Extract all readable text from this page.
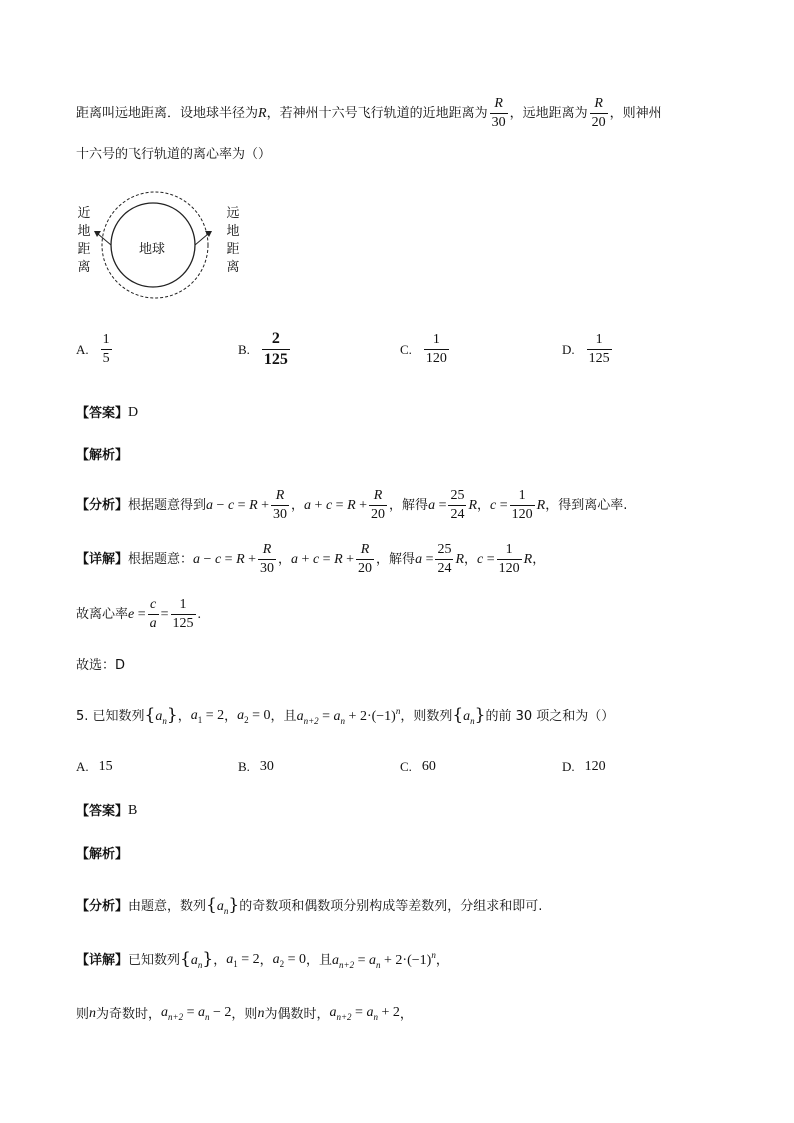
距离叫远地距离．设地球半径为 R ，若神州十六号飞行轨道的近地距离为 $\frac{R}{30}$ ，远地距离为 $\frac{R}{20}$ ，则神州
十六号的飞行轨道的离心率为（）
地球
近地距离
远地距离
A. $\frac{1}{5}$	B. $\frac{2}{125}$	C. $\frac{1}{120}$	D. $\frac{1}{125}$
【答案】 D
【解析】
【分析】 根据题意得到 $a - c = R + \frac{R}{30}$ ， $a + c = R + \frac{R}{20}$ ，解得 $a = \frac{25}{24}$ R ， $c = \frac{1}{120}$ R ，得到离心率.
【详解】 根据题意： $a - c = R + \frac{R}{30}$ ， $a + c = R + \frac{R}{20}$ ，解得 $a = \frac{25}{24}$ R ， $c = \frac{1}{120}$ R ，
故离心率 $e = \frac{c}{a} = \frac{1}{125}$ .
故选：D
5. 已知数列 $\{a_n\}$ ， $a_1 = 2$ ， $a_2 = 0$ ，且 $a_{n+2} = a_n + 2\cdot(-1)^n$ ，则数列 $\{a_n\}$ 的前 30 项之和为（）
A. 15	B. 30	C. 60	D. 120
【答案】 B
【解析】
【分析】 由题意，数列 $\{a_n\}$ 的奇数项和偶数项分别构成等差数列，分组求和即可.
【详解】 已知数列 $\{a_n\}$ ， $a_1 = 2$ ， $a_2 = 0$ ，且 $a_{n+2} = a_n + 2\cdot(-1)^n$ ，
则 n 为奇数时， $a_{n+2} = a_n - 2$ ，则 n 为偶数时， $a_{n+2} = a_n + 2$ ，
